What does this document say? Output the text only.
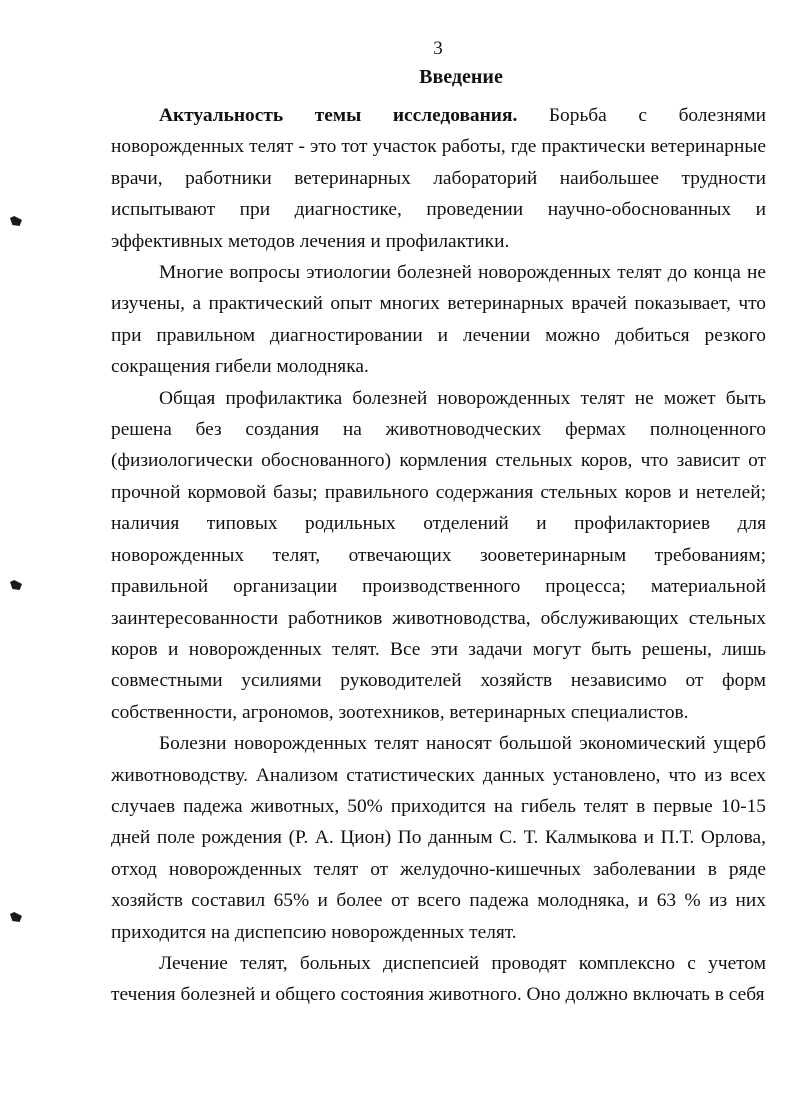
3
Введение

Актуальность темы исследования. Борьба с болезнями новорожденных телят - это тот участок работы, где практически ветеринарные врачи, работники ветеринарных лабораторий наибольшее трудности испытывают при диагностике, проведении научно-обоснованных и эффективных методов лечения и профилактики.

Многие вопросы этиологии болезней новорожденных телят до конца не изучены, а практический опыт многих ветеринарных врачей показывает, что при правильном диагностировании и лечении можно добиться резкого сокращения гибели молодняка.

Общая профилактика болезней новорожденных телят не может быть решена без создания на животноводческих фермах полноценного (физиологически обоснованного) кормления стельных коров, что зависит от прочной кормовой базы; правильного содержания стельных коров и нетелей; наличия типовых родильных отделений и профилакториев для новорожденных телят, отвечающих зооветеринарным требованиям; правильной организации производственного процесса; материальной заинтересованности работников животноводства, обслуживающих стельных коров и новорожденных телят. Все эти задачи могут быть решены, лишь совместными усилиями руководителей хозяйств независимо от форм собственности, агрономов, зоотехников, ветеринарных специалистов.

Болезни новорожденных телят наносят большой экономический ущерб животноводству. Анализом статистических данных установлено, что из всех случаев падежа животных, 50% приходится на гибель телят в первые 10-15 дней поле рождения (Р. А. Цион) По данным С. Т. Калмыкова и П.Т. Орлова, отход новорожденных телят от желудочно-кишечных заболевании в ряде хозяйств составил 65% и более от всего падежа молодняка, и 63 % из них приходится на диспепсию новорожденных телят.

Лечение телят, больных диспепсией проводят комплексно с учетом течения болезней и общего состояния животного. Оно должно включать в себя
